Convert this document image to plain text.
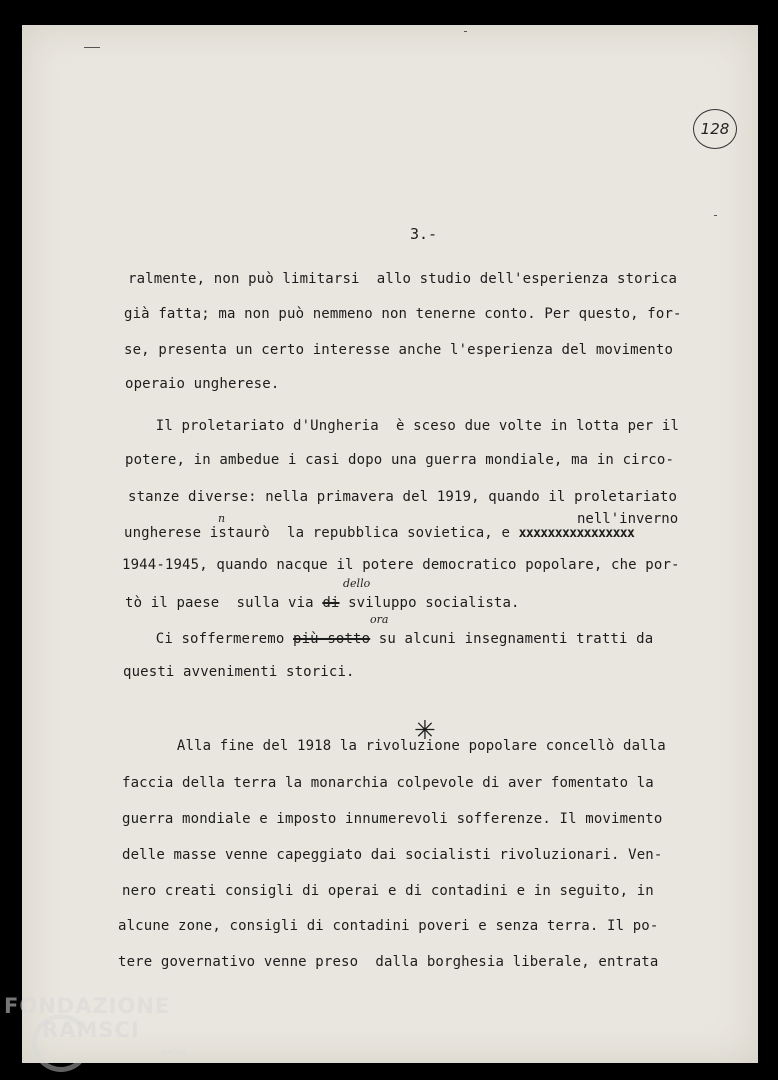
128
3.-
ralmente, non può limitarsi  allo studio dell'esperienza storica
già fatta; ma non può nemmeno non tenerne conto. Per questo, for-
se, presenta un certo interesse anche l'esperienza del movimento
operaio ungherese.
Il proletariato d'Ungheria  è sceso due volte in lotta per il
potere, in ambedue i casi dopo una guerra mondiale, ma in circo-
stanze diverse: nella primavera del 1919, quando il proletariato
nell'inverno
n
ungherese istaurò  la repubblica sovietica, e xxxxxxxxxxxxxxxx
1944-1945, quando nacque il potere democratico popolare, che por-
dello
tò il paese  sulla via di sviluppo socialista.
ora
Ci soffermeremo più sotto su alcuni insegnamenti tratti da
questi avvenimenti storici.
✳
Alla fine del 1918 la rivoluzione popolare concellò dalla
faccia della terra la monarchia colpevole di aver fomentato la
guerra mondiale e imposto innumerevoli sofferenze. Il movimento
delle masse venne capeggiato dai socialisti rivoluzionari. Ven-
nero creati consigli di operai e di contadini e in seguito, in
alcune zone, consigli di contadini poveri e senza terra. Il po-
tere governativo venne preso  dalla borghesia liberale, entrata
FONDAZIONE
RAMSCI
onlus
